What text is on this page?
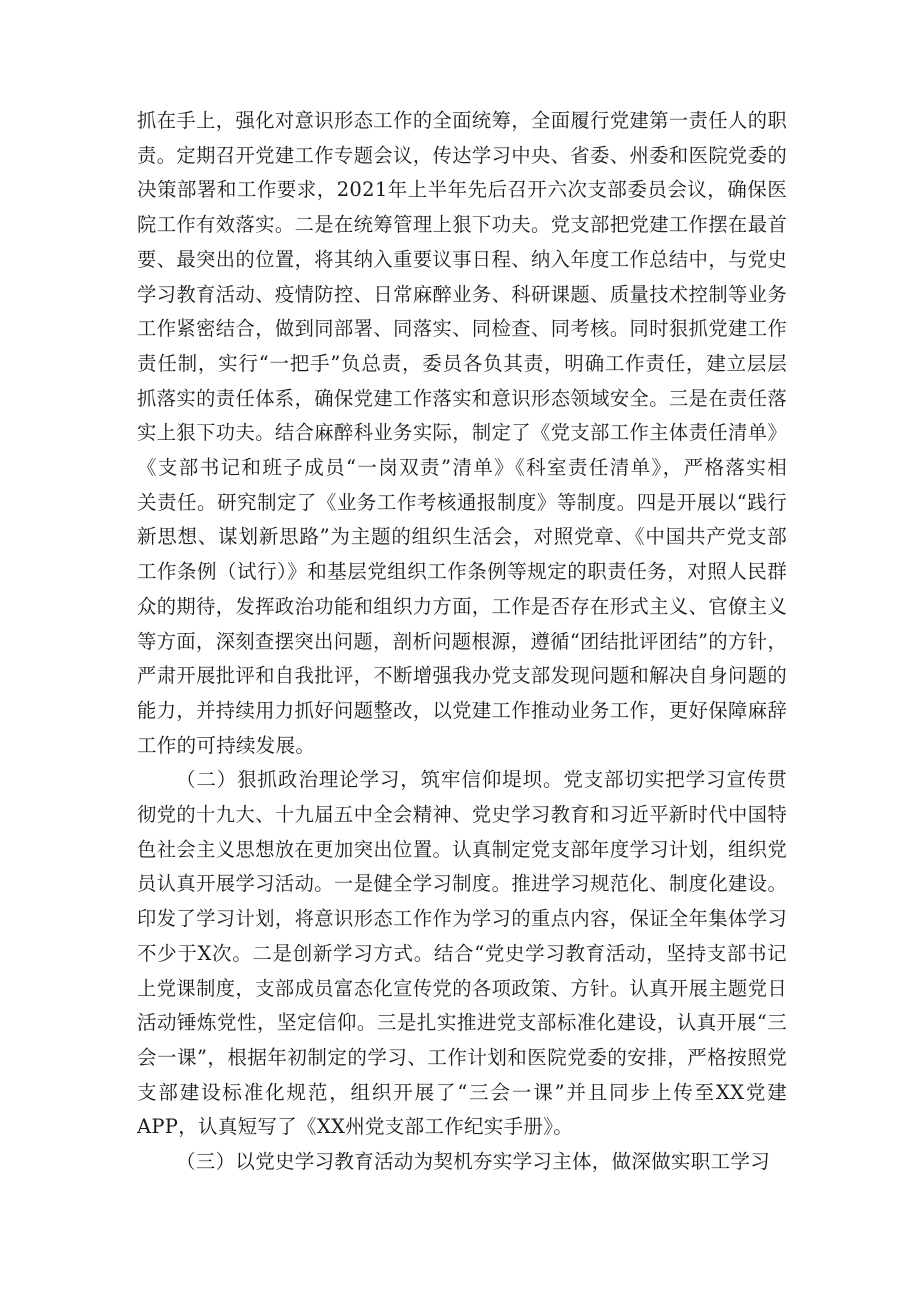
抓在手上，强化对意识形态工作的全面统筹，全面履行党建第一责任人的职
责。定期召开党建工作专题会议，传达学习中央、省委、州委和医院党委的
决策部署和工作要求，2021年上半年先后召开六次支部委员会议，确保医
院工作有效落实。二是在统筹管理上狠下功夫。党支部把党建工作摆在最首
要、最突出的位置，将其纳入重要议事日程、纳入年度工作总结中，与党史
学习教育活动、疫情防控、日常麻醉业务、科研课题、质量技术控制等业务
工作紧密结合，做到同部署、同落实、同检查、同考核。同时狠抓党建工作
责任制，实行“一把手”负总责，委员各负其责，明确工作责任，建立层层
抓落实的责任体系，确保党建工作落实和意识形态领域安全。三是在责任落
实上狠下功夫。结合麻醉科业务实际，制定了《党支部工作主体责任清单》
《支部书记和班子成员“一岗双责”清单》《科室责任清单》，严格落实相
关责任。研究制定了《业务工作考核通报制度》等制度。四是开展以“践行
新思想、谋划新思路”为主题的组织生活会，对照党章、《中国共产党支部
工作条例（试行）》和基层党组织工作条例等规定的职责任务，对照人民群
众的期待，发挥政治功能和组织力方面，工作是否存在形式主义、官僚主义
等方面，深刻查摆突出问题，剖析问题根源，遵循“团结批评团结”的方针，
严肃开展批评和自我批评，不断增强我办党支部发现问题和解决自身问题的
能力，并持续用力抓好问题整改，以党建工作推动业务工作，更好保障麻辞
工作的可持续发展。
（二）狠抓政治理论学习，筑牢信仰堤坝。党支部切实把学习宣传贯
彻党的十九大、十九届五中全会精神、党史学习教育和习近平新时代中国特
色社会主义思想放在更加突出位置。认真制定党支部年度学习计划，组织党
员认真开展学习活动。一是健全学习制度。推进学习规范化、制度化建设。
印发了学习计划，将意识形态工作作为学习的重点内容，保证全年集体学习
不少于X次。二是创新学习方式。结合“党史学习教育活动，坚持支部书记
上党课制度，支部成员富态化宣传党的各项政策、方针。认真开展主题党日
活动锤炼党性，坚定信仰。三是扎实推进党支部标准化建设，认真开展“三
会一课”，根据年初制定的学习、工作计划和医院党委的安排，严格按照党
支部建设标准化规范，组织开展了“三会一课”并且同步上传至XX党建
APP，认真短写了《XX州党支部工作纪实手册》。
（三）以党史学习教育活动为契机夯实学习主体，做深做实职工学习
